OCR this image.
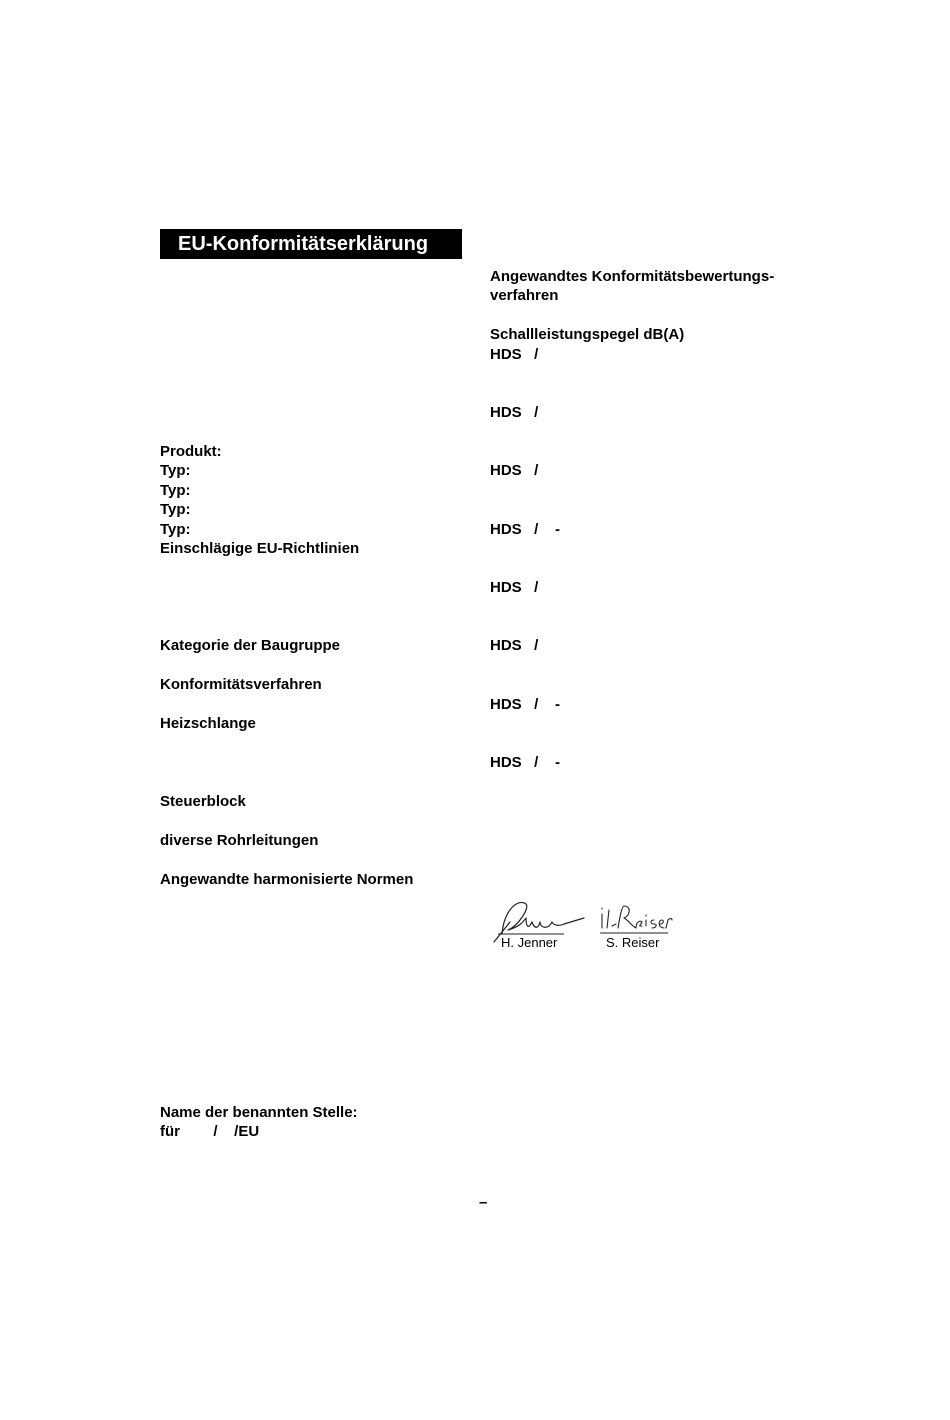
EU-Konformitätserklärung
Produkt:
Typ:
Typ:
Typ:
Typ:
Einschlägige EU-Richtlinien
Kategorie der Baugruppe
Konformitätsverfahren
Heizschlange
Steuerblock
diverse Rohrleitungen
Angewandte harmonisierte Normen
Name der benannten Stelle:
für        /    /EU
Angewandtes Konformitätsbewertungs-
verfahren
Schallleistungspegel dB(A)
HDS   /
HDS   /
HDS   /
HDS   /    -
HDS   /
HDS   /
HDS   /    -
HDS   /    -
H. Jenner	S. Reiser
–
